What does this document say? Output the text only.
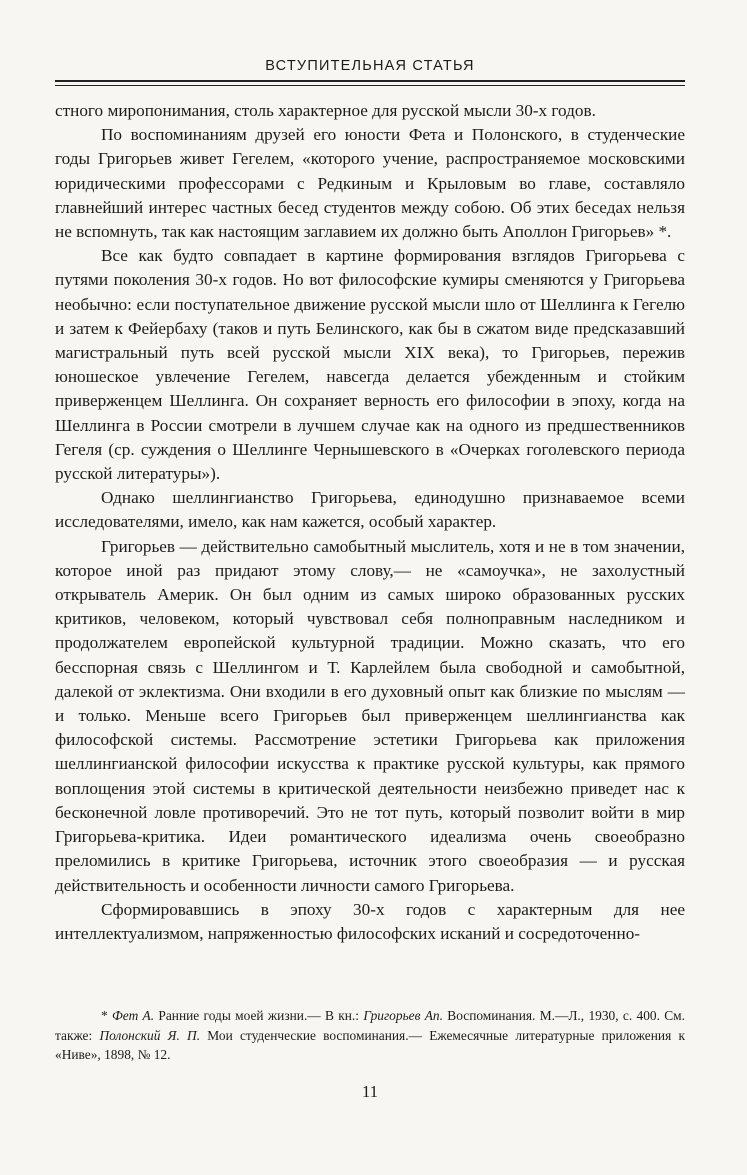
ВСТУПИТЕЛЬНАЯ СТАТЬЯ

стного миропонимания, столь характерное для русской мысли 30-х годов.

По воспоминаниям друзей его юности Фета и Полонского, в студенческие годы Григорьев живет Гегелем, «которого учение, распространяемое московскими юридическими профессорами с Редкиным и Крыловым во главе, составляло главнейший интерес частных бесед студентов между собою. Об этих беседах нельзя не вспомнуть, так как настоящим заглавием их должно быть Аполлон Григорьев» *.

Все как будто совпадает в картине формирования взглядов Григорьева с путями поколения 30-х годов. Но вот философские кумиры сменяются у Григорьева необычно: если поступательное движение русской мысли шло от Шеллинга к Гегелю и затем к Фейербаху (таков и путь Белинского, как бы в сжатом виде предсказавший магистральный путь всей русской мысли XIX века), то Григорьев, пережив юношеское увлечение Гегелем, навсегда делается убежденным и стойким приверженцем Шеллинга. Он сохраняет верность его философии в эпоху, когда на Шеллинга в России смотрели в лучшем случае как на одного из предшественников Гегеля (ср. суждения о Шеллинге Чернышевского в «Очерках гоголевского периода русской литературы»).

Однако шеллингианство Григорьева, единодушно признаваемое всеми исследователями, имело, как нам кажется, особый характер.

Григорьев — действительно самобытный мыслитель, хотя и не в том значении, которое иной раз придают этому слову,— не «самоучка», не захолустный открыватель Америк. Он был одним из самых широко образованных русских критиков, человеком, который чувствовал себя полноправным наследником и продолжателем европейской культурной традиции. Можно сказать, что его бесспорная связь с Шеллингом и Т. Карлейлем была свободной и самобытной, далекой от эклектизма. Они входили в его духовный опыт как близкие по мыслям — и только. Меньше всего Григорьев был приверженцем шеллингианства как философской системы. Рассмотрение эстетики Григорьева как приложения шеллингианской философии искусства к практике русской культуры, как прямого воплощения этой системы в критической деятельности неизбежно приведет нас к бесконечной ловле противоречий. Это не тот путь, который позволит войти в мир Григорьева-критика. Идеи романтического идеализма очень своеобразно преломились в критике Григорьева, источник этого своеобразия — и русская действительность и особенности личности самого Григорьева.

Сформировавшись в эпоху 30-х годов с характерным для нее интеллектуализмом, напряженностью философских исканий и сосредоточенно-

* Фет А. Ранние годы моей жизни.— В кн.: Григорьев Ап. Воспоминания. М.—Л., 1930, с. 400. См. также: Полонский Я. П. Мои студенческие воспоминания.— Ежемесячные литературные приложения к «Ниве», 1898, № 12.

11
